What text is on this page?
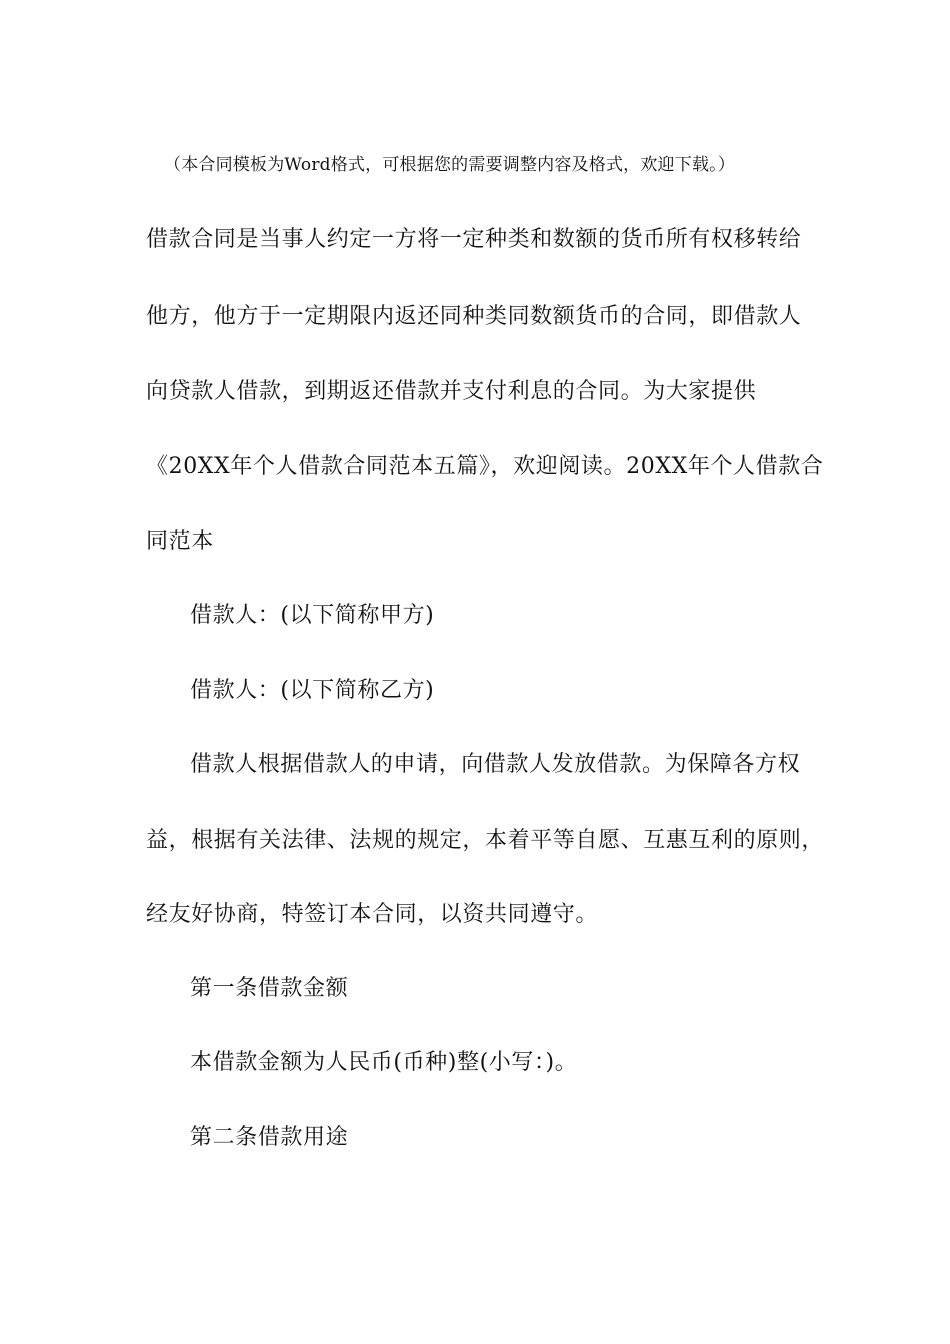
（本合同模板为Word格式，可根据您的需要调整内容及格式，欢迎下载。）
借款合同是当事人约定一方将一定种类和数额的货币所有权移转给
他方，他方于一定期限内返还同种类同数额货币的合同，即借款人
向贷款人借款，到期返还借款并支付利息的合同。为大家提供
《20XX年个人借款合同范本五篇》，欢迎阅读。20XX年个人借款合
同范本
借款人：(以下简称甲方)
借款人：(以下简称乙方)
借款人根据借款人的申请，向借款人发放借款。为保障各方权
益，根据有关法律、法规的规定，本着平等自愿、互惠互利的原则，
经友好协商，特签订本合同，以资共同遵守。
第一条借款金额
本借款金额为人民币(币种)整(小写：)。
第二条借款用途
